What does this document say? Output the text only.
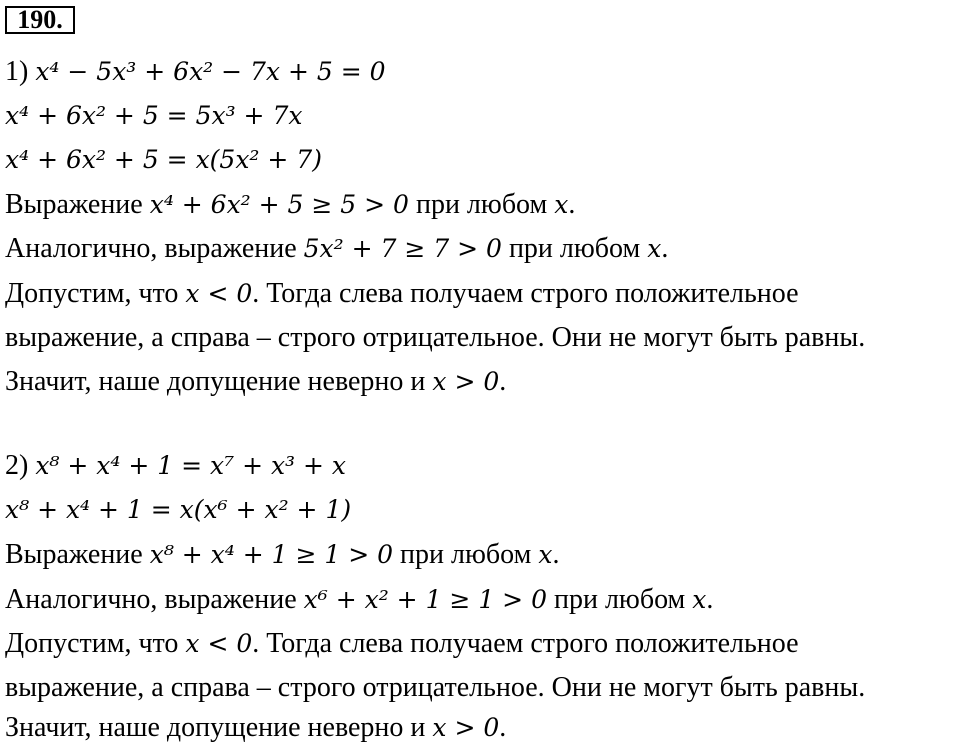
190.
1) x⁴ − 5x³ + 6x² − 7x + 5 = 0
x⁴ + 6x² + 5 = 5x³ + 7x
x⁴ + 6x² + 5 = x(5x² + 7)
Выражение x⁴ + 6x² + 5 ≥ 5 > 0 при любом x.
Аналогично, выражение 5x² + 7 ≥ 7 > 0 при любом x.
Допустим, что x < 0. Тогда слева получаем строго положительное
выражение, а справа – строго отрицательное. Они не могут быть равны.
Значит, наше допущение неверно и x > 0.
2) x⁸ + x⁴ + 1 = x⁷ + x³ + x
x⁸ + x⁴ + 1 = x(x⁶ + x² + 1)
Выражение x⁸ + x⁴ + 1 ≥ 1 > 0 при любом x.
Аналогично, выражение x⁶ + x² + 1 ≥ 1 > 0 при любом x.
Допустим, что x < 0. Тогда слева получаем строго положительное
выражение, а справа – строго отрицательное. Они не могут быть равны.
Значит, наше допущение неверно и x > 0.
